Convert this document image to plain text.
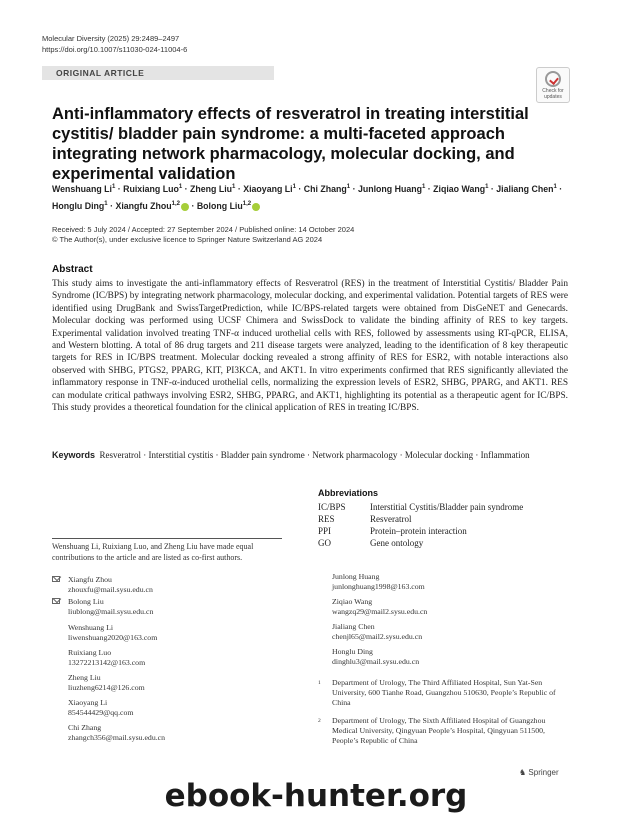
Molecular Diversity (2025) 29:2489–2497
https://doi.org/10.1007/s11030-024-11004-6
ORIGINAL ARTICLE
Check for updates
Anti-inflammatory effects of resveratrol in treating interstitial cystitis/ bladder pain syndrome: a multi-faceted approach integrating network pharmacology, molecular docking, and experimental validation
Wenshuang $Li^1$ · Ruixiang Luo$^1$ · Zheng Liu$^1$ · Xiaoyang $Li^1$ · Chi Zhang$^1$ · Junlong Huang$^1$ · Ziqiao Wang$^1$ · Jialiang Chen$^1$ · Honglu Ding$^1$ · Xiangfu Zhou$^{1,2}$ · Bolong Liu$^{1,2}$
Received: 5 July 2024 / Accepted: 27 September 2024 / Published online: 14 October 2024
© The Author(s), under exclusive licence to Springer Nature Switzerland AG 2024
Abstract
This study aims to investigate the anti-inflammatory effects of Resveratrol (RES) in the treatment of Interstitial Cystitis/ Bladder Pain Syndrome (IC/BPS) by integrating network pharmacology, molecular docking, and experimental validation. Potential targets of RES were identified using DrugBank and SwissTargetPrediction, while IC/BPS-related targets were obtained from DisGeNET and Genecards. Molecular docking was performed using UCSF Chimera and SwissDock to validate the binding affinity of RES to key targets. Experimental validation involved treating TNF-α induced urothelial cells with RES, followed by assessments using RT-qPCR, ELISA, and Western blotting. A total of 86 drug targets and 211 disease targets were analyzed, leading to the identification of 8 key therapeutic targets for RES in IC/BPS treatment. Molecular docking revealed a strong affinity of RES for ESR2, with notable interactions also observed with SHBG, PTGS2, PPARG, KIT, PI3KCA, and AKT1. In vitro experiments confirmed that RES significantly alleviated the inflammatory response in TNF-α-induced urothelial cells, normalizing the expression levels of ESR2, SHBG, PPARG, and AKT1. RES can modulate critical pathways involving ESR2, SHBG, PPARG, and AKT1, highlighting its potential as a therapeutic agent for IC/BPS. This study provides a theoretical foundation for the clinical application of RES in treating IC/BPS.
Keywords Resveratrol · Interstitial cystitis · Bladder pain syndrome · Network pharmacology · Molecular docking · Inflammation
Abbreviations
IC/BPS	Interstitial Cystitis/Bladder pain syndrome
RES	Resveratrol
PPI	Protein–protein interaction
GO	Gene ontology
Wenshuang Li, Ruixiang Luo, and Zheng Liu have made equal contributions to the article and are listed as co-first authors.
Xiangfu Zhou
zhouxfu@mail.sysu.edu.cn
Bolong Liu
liublong@mail.sysu.edu.cn
Wenshuang Li
liwenshuang2020@163.com
Ruixiang Luo
13272213142@163.com
Zheng Liu
liuzheng6214@126.com
Xiaoyang Li
854544429@qq.com
Chi Zhang
zhangch356@mail.sysu.edu.cn
Junlong Huang
junlonghuang1998@163.com
Ziqiao Wang
wangzq29@mail2.sysu.edu.cn
Jialiang Chen
chenjl65@mail2.sysu.edu.cn
Honglu Ding
dinghlu3@mail.sysu.edu.cn
1 Department of Urology, The Third Affiliated Hospital, Sun Yat-Sen University, 600 Tianhe Road, Guangzhou 510630, People’s Republic of China
2 Department of Urology, The Sixth Affiliated Hospital of Guangzhou Medical University, Qingyuan People’s Hospital, Qingyuan 511500, People’s Republic of China
♞ Springer
ebook-hunter.org
